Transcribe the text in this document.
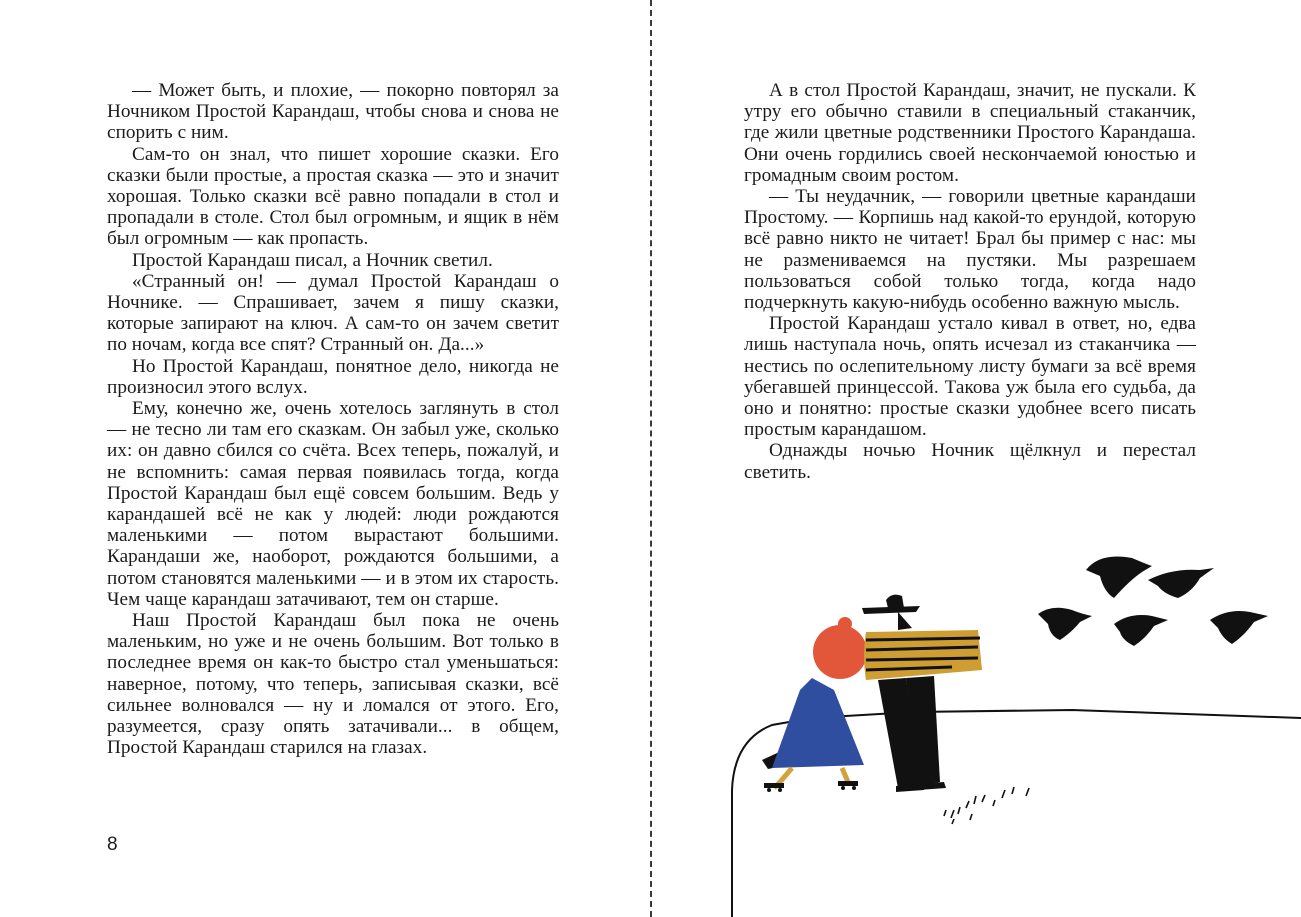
— Может быть, и плохие, — покорно повторял за Ночником Простой Карандаш, чтобы снова и снова не спорить с ним.

Сам-то он знал, что пишет хорошие сказки. Его сказки были простые, а простая сказка — это и значит хорошая. Только сказки всё равно попадали в стол и пропадали в столе. Стол был огромным, и ящик в нём был огромным — как пропасть.

Простой Карандаш писал, а Ночник светил.

«Странный он! — думал Простой Карандаш о Ночнике. — Спрашивает, зачем я пишу сказки, которые запирают на ключ. А сам-то он зачем светит по ночам, когда все спят? Странный он. Да...»

Но Простой Карандаш, понятное дело, никогда не произносил этого вслух.

Ему, конечно же, очень хотелось заглянуть в стол — не тесно ли там его сказкам. Он забыл уже, сколько их: он давно сбился со счёта. Всех теперь, пожалуй, и не вспомнить: самая первая появилась тогда, когда Простой Карандаш был ещё совсем большим. Ведь у карандашей всё не как у людей: люди рождаются маленькими — потом вырастают большими. Карандаши же, наоборот, рождаются большими, а потом становятся маленькими — и в этом их старость. Чем чаще карандаш затачивают, тем он старше.

Наш Простой Карандаш был пока не очень маленьким, но уже и не очень большим. Вот только в последнее время он как-то быстро стал уменьшаться: наверное, потому, что теперь, записывая сказки, всё сильнее волновался — ну и ломался от этого. Его, разумеется, сразу опять затачивали... в общем, Простой Карандаш старился на глазах.

8

А в стол Простой Карандаш, значит, не пускали. К утру его обычно ставили в специальный стаканчик, где жили цветные родственники Простого Карандаша. Они очень гордились своей нескончаемой юностью и громадным своим ростом.

— Ты неудачник, — говорили цветные карандаши Простому. — Корпишь над какой-то ерундой, которую всё равно никто не читает! Брал бы пример с нас: мы не размениваемся на пустяки. Мы разрешаем пользоваться собой только тогда, когда надо подчеркнуть какую-нибудь особенно важную мысль.

Простой Карандаш устало кивал в ответ, но, едва лишь наступала ночь, опять исчезал из стаканчика — нестись по ослепительному листу бумаги за всё время убегавшей принцессой. Такова уж была его судьба, да оно и понятно: простые сказки удобнее всего писать простым карандашом.

Однажды ночью Ночник щёлкнул и перестал светить.
